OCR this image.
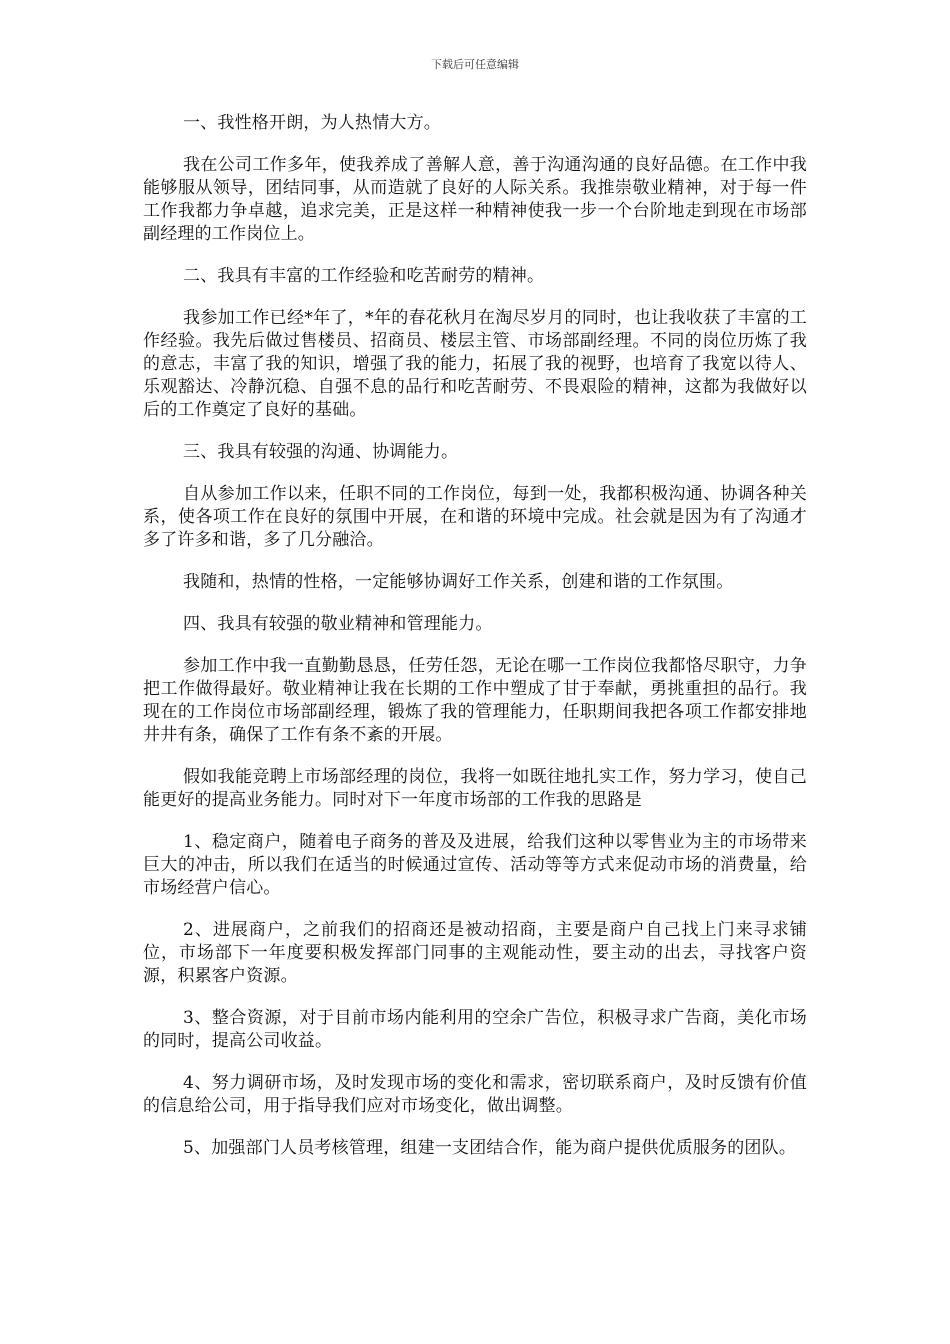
下载后可任意编辑

一、我性格开朗，为人热情大方。

我在公司工作多年，使我养成了善解人意，善于沟通沟通的良好品德。在工作中我能够服从领导，团结同事，从而造就了良好的人际关系。我推崇敬业精神，对于每一件工作我都力争卓越，追求完美，正是这样一种精神使我一步一个台阶地走到现在市场部副经理的工作岗位上。

二、我具有丰富的工作经验和吃苦耐劳的精神。

我参加工作已经*年了，*年的春花秋月在淘尽岁月的同时，也让我收获了丰富的工作经验。我先后做过售楼员、招商员、楼层主管、市场部副经理。不同的岗位历炼了我的意志，丰富了我的知识，增强了我的能力，拓展了我的视野，也培育了我宽以待人、乐观豁达、冷静沉稳、自强不息的品行和吃苦耐劳、不畏艰险的精神，这都为我做好以后的工作奠定了良好的基础。

三、我具有较强的沟通、协调能力。

自从参加工作以来，任职不同的工作岗位，每到一处，我都积极沟通、协调各种关系，使各项工作在良好的氛围中开展，在和谐的环境中完成。社会就是因为有了沟通才多了许多和谐，多了几分融洽。

我随和，热情的性格，一定能够协调好工作关系，创建和谐的工作氛围。

四、我具有较强的敬业精神和管理能力。

参加工作中我一直勤勤恳恳，任劳任怨，无论在哪一工作岗位我都恪尽职守，力争把工作做得最好。敬业精神让我在长期的工作中塑成了甘于奉献，勇挑重担的品行。我现在的工作岗位市场部副经理，锻炼了我的管理能力，任职期间我把各项工作都安排地井井有条，确保了工作有条不紊的开展。

假如我能竞聘上市场部经理的岗位，我将一如既往地扎实工作，努力学习，使自己能更好的提高业务能力。同时对下一年度市场部的工作我的思路是

1、稳定商户，随着电子商务的普及及进展，给我们这种以零售业为主的市场带来巨大的冲击，所以我们在适当的时候通过宣传、活动等等方式来促动市场的消费量，给市场经营户信心。

2、进展商户，之前我们的招商还是被动招商，主要是商户自己找上门来寻求铺位，市场部下一年度要积极发挥部门同事的主观能动性，要主动的出去，寻找客户资源，积累客户资源。

3、整合资源，对于目前市场内能利用的空余广告位，积极寻求广告商，美化市场的同时，提高公司收益。

4、努力调研市场，及时发现市场的变化和需求，密切联系商户，及时反馈有价值的信息给公司，用于指导我们应对市场变化，做出调整。

5、加强部门人员考核管理，组建一支团结合作，能为商户提供优质服务的团队。
